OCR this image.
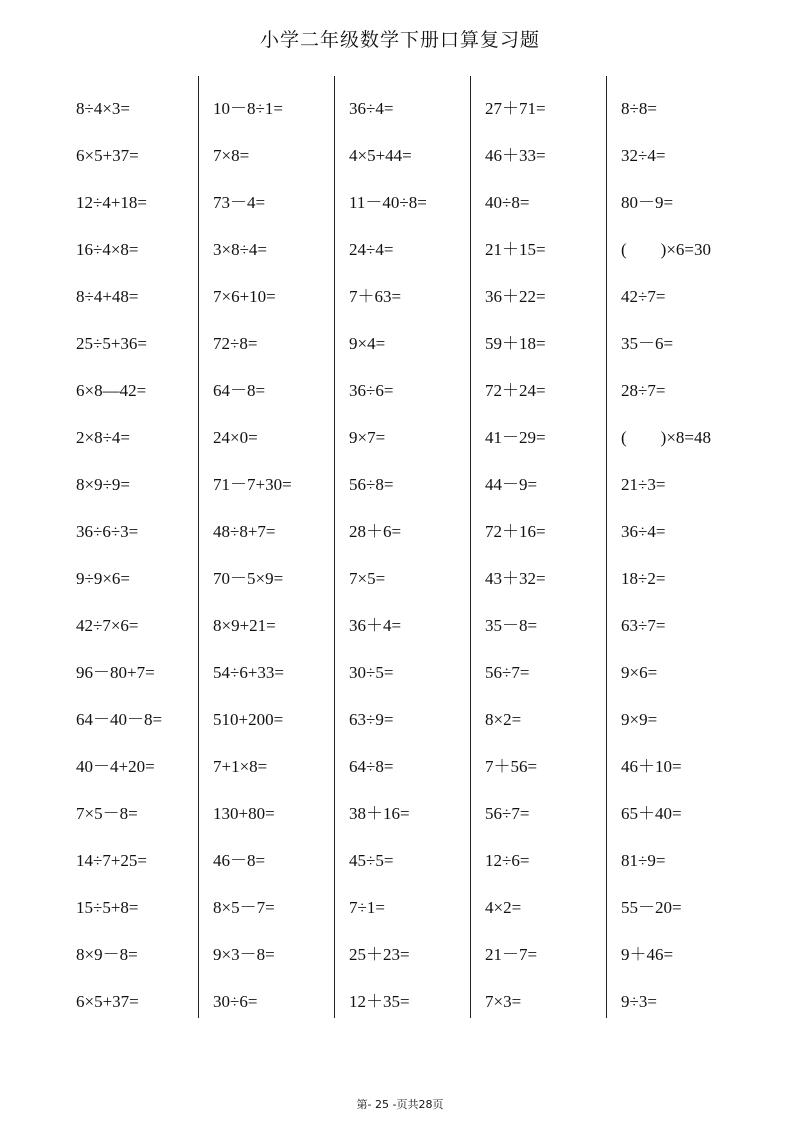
小学二年级数学下册口算复习题
8÷4×3=
6×5+37=
12÷4+18=
16÷4×8=
8÷4+48=
25÷5+36=
6×8—42=
2×8÷4=
8×9÷9=
36÷6÷3=
9÷9×6=
42÷7×6=
96－80+7=
64－40－8=
40－4+20=
7×5－8=
14÷7+25=
15÷5+8=
8×9－8=
6×5+37=
10－8÷1=
7×8=
73－4=
3×8÷4=
7×6+10=
72÷8=
64－8=
24×0=
71－7+30=
48÷8+7=
70－5×9=
8×9+21=
54÷6+33=
510+200=
7+1×8=
130+80=
46－8=
8×5－7=
9×3－8=
30÷6=
36÷4=
4×5+44=
11－40÷8=
24÷4=
7＋63=
9×4=
36÷6=
9×7=
56÷8=
28＋6=
7×5=
36＋4=
30÷5=
63÷9=
64÷8=
38＋16=
45÷5=
7÷1=
25＋23=
12＋35=
27＋71=
46＋33=
40÷8=
21＋15=
36＋22=
59＋18=
72＋24=
41－29=
44－9=
72＋16=
43＋32=
35－8=
56÷7=
8×2=
7＋56=
56÷7=
12÷6=
4×2=
21－7=
7×3=
8÷8=
32÷4=
80－9=
(　　)×6=30
42÷7=
35－6=
28÷7=
(　　)×8=48
21÷3=
36÷4=
18÷2=
63÷7=
9×6=
9×9=
46＋10=
65＋40=
81÷9=
55－20=
9＋46=
9÷3=
第- 25 -页共28页
